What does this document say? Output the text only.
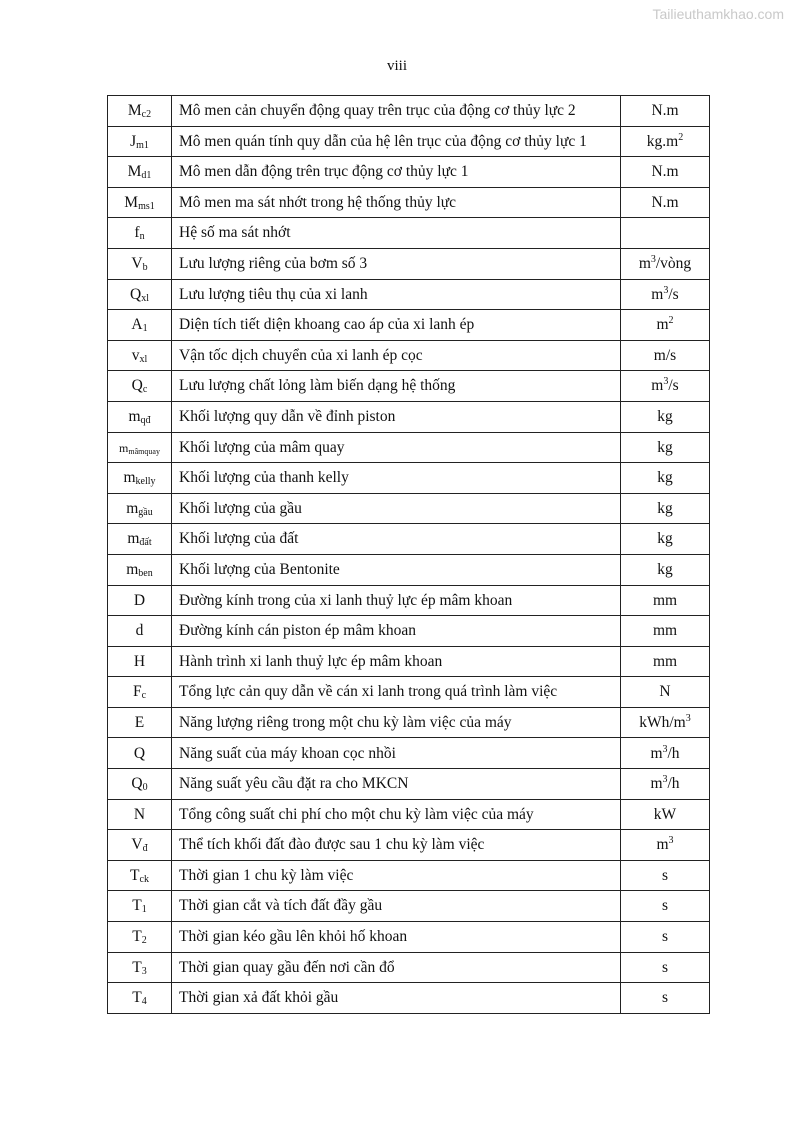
Tailieuthamkhao.com
viii
$M_{c2}$	Mô men cản chuyển động quay trên trục của động cơ thủy lực 2	N.m
$J_{m1}$	Mô men quán tính quy dẫn của hệ lên trục của động cơ thủy lực 1	$kg.m^2$
$M_{d1}$	Mô men dẫn động trên trục động cơ thủy lực 1	N.m
$M_{ms1}$	Mô men ma sát nhớt trong hệ thống thủy lực	N.m
$f_n$	Hệ số ma sát nhớt	
$V_b$	Lưu lượng riêng của bơm số 3	$m^3$/vòng
$Q_{xl}$	Lưu lượng tiêu thụ của xi lanh	$m^3/s$
$A_1$	Diện tích tiết diện khoang cao áp của xi lanh ép	$m^2$
$v_{xl}$	Vận tốc dịch chuyển của xi lanh ép cọc	m/s
$Q_c$	Lưu lượng chất lỏng làm biến dạng hệ thống	$m^3/s$
$m_{qđ}$	Khối lượng quy dẫn về đỉnh piston	kg
$m_{mâmquay}$	Khối lượng của mâm quay	kg
$m_{kelly}$	Khối lượng của thanh kelly	kg
$m_{gầu}$	Khối lượng của gầu	kg
$m_{đất}$	Khối lượng của đất	kg
$m_{ben}$	Khối lượng của Bentonite	kg
D	Đường kính trong của xi lanh thuỷ lực ép mâm khoan	mm
d	Đường kính cán piston ép mâm khoan	mm
H	Hành trình xi lanh thuỷ lực ép mâm khoan	mm
$F_c$	Tổng lực cản quy dẫn về cán xi lanh trong quá trình làm việc	N
E	Năng lượng riêng trong một chu kỳ làm việc của máy	kWh/$m^3$
Q	Năng suất của máy khoan cọc nhồi	$m^3/h$
$Q_0$	Năng suất yêu cầu đặt ra cho MKCN	$m^3/h$
N	Tổng công suất chi phí cho một chu kỳ làm việc của máy	kW
$V_đ$	Thể tích khối đất đào được sau 1 chu kỳ làm việc	$m^3$
$T_{ck}$	Thời gian 1 chu kỳ làm việc	s
$T_1$	Thời gian cắt và tích đất đầy gầu	s
$T_2$	Thời gian kéo gầu lên khỏi hố khoan	s
$T_3$	Thời gian quay gầu đến nơi cần đổ	s
$T_4$	Thời gian xả đất khỏi gầu	s
